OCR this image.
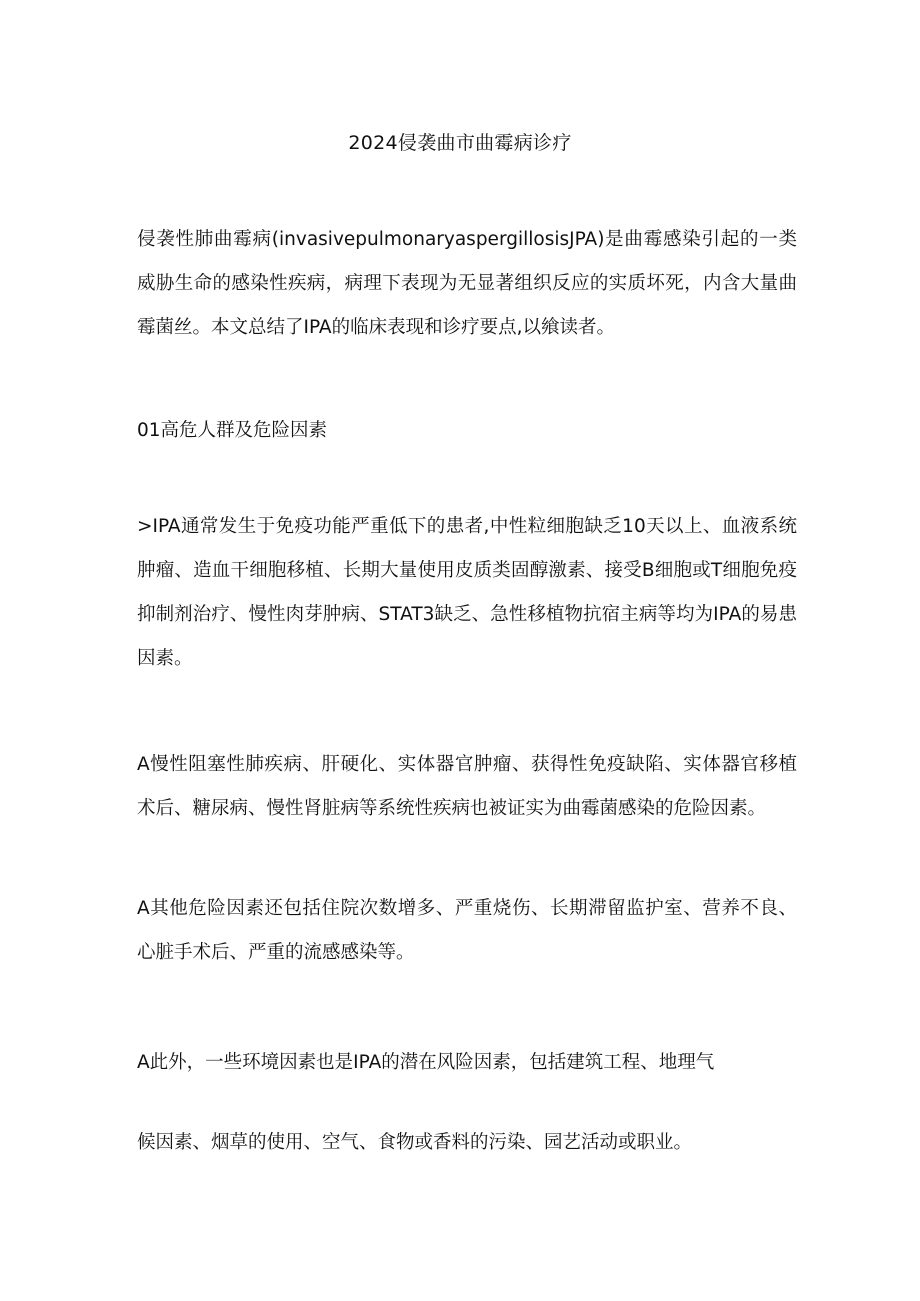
2024侵袭曲市曲霉病诊疗

侵袭性肺曲霉病(invasivepulmonaryaspergillosisJPA)是曲霉感染引起的一类威胁生命的感染性疾病，病理下表现为无显著组织反应的实质坏死，内含大量曲霉菌丝。本文总结了IPA的临床表现和诊疗要点,以飨读者。

01高危人群及危险因素

>IPA通常发生于免疫功能严重低下的患者,中性粒细胞缺乏10天以上、血液系统肿瘤、造血干细胞移植、长期大量使用皮质类固醇激素、接受B细胞或T细胞免疫抑制剂治疗、慢性肉芽肿病、STAT3缺乏、急性移植物抗宿主病等均为IPA的易患因素。

A慢性阻塞性肺疾病、肝硬化、实体器官肿瘤、获得性免疫缺陷、实体器官移植术后、糖尿病、慢性肾脏病等系统性疾病也被证实为曲霉菌感染的危险因素。

A其他危险因素还包括住院次数增多、严重烧伤、长期滞留监护室、营养不良、心脏手术后、严重的流感感染等。

A此外，一些环境因素也是IPA的潜在风险因素，包括建筑工程、地理气

候因素、烟草的使用、空气、食物或香料的污染、园艺活动或职业。
